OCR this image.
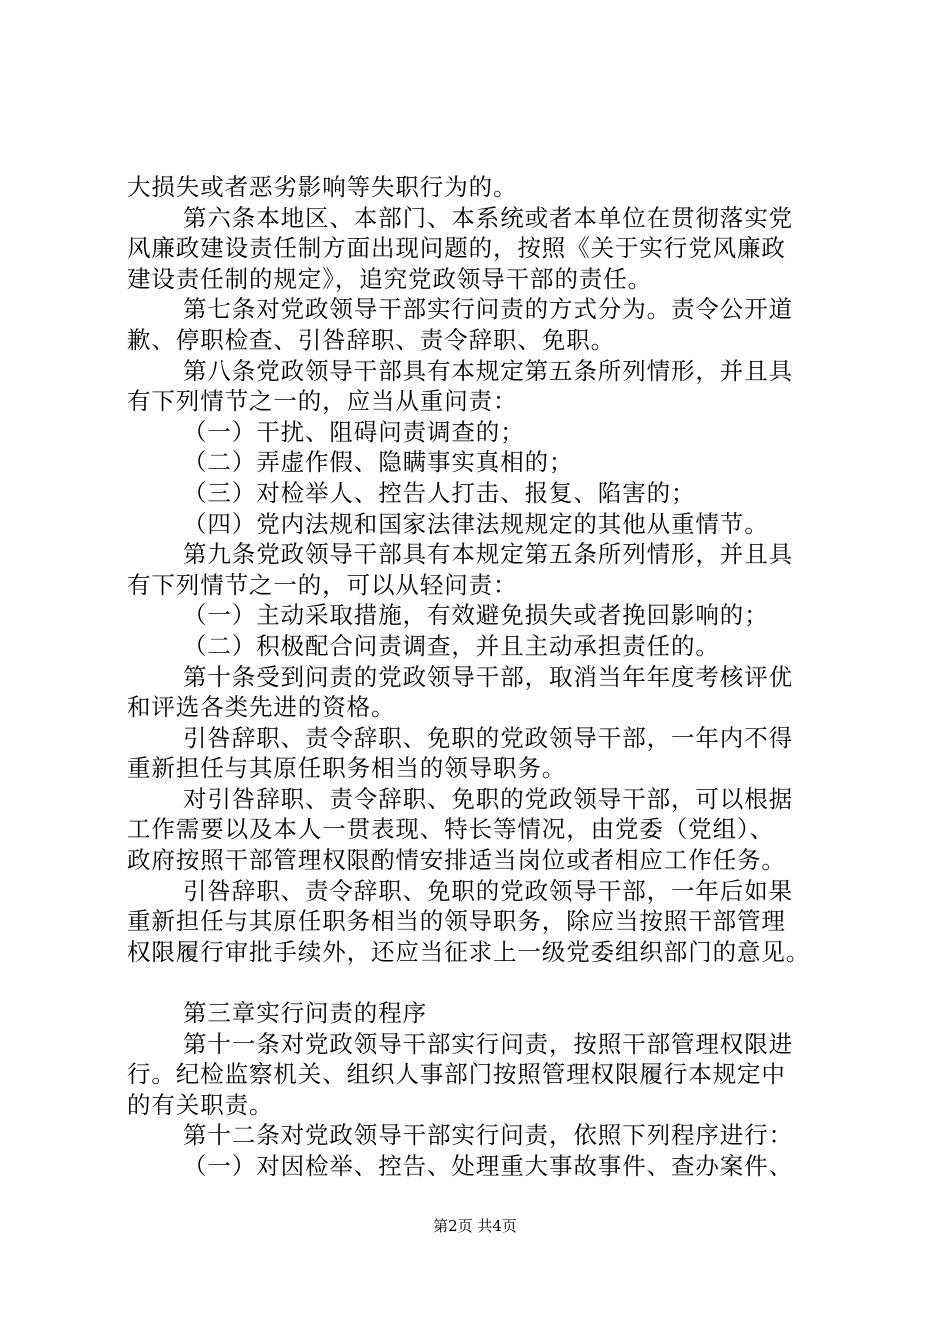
大损失或者恶劣影响等失职行为的。
第六条本地区、本部门、本系统或者本单位在贯彻落实党
风廉政建设责任制方面出现问题的，按照《关于实行党风廉政
建设责任制的规定》，追究党政领导干部的责任。
第七条对党政领导干部实行问责的方式分为。责令公开道
歉、停职检查、引咎辞职、责令辞职、免职。
第八条党政领导干部具有本规定第五条所列情形，并且具
有下列情节之一的，应当从重问责：
（一）干扰、阻碍问责调查的；
（二）弄虚作假、隐瞒事实真相的；
（三）对检举人、控告人打击、报复、陷害的；
（四）党内法规和国家法律法规规定的其他从重情节。
第九条党政领导干部具有本规定第五条所列情形，并且具
有下列情节之一的，可以从轻问责：
（一）主动采取措施，有效避免损失或者挽回影响的；
（二）积极配合问责调查，并且主动承担责任的。
第十条受到问责的党政领导干部，取消当年年度考核评优
和评选各类先进的资格。
引咎辞职、责令辞职、免职的党政领导干部，一年内不得
重新担任与其原任职务相当的领导职务。
对引咎辞职、责令辞职、免职的党政领导干部，可以根据
工作需要以及本人一贯表现、特长等情况，由党委（党组）、
政府按照干部管理权限酌情安排适当岗位或者相应工作任务。
引咎辞职、责令辞职、免职的党政领导干部，一年后如果
重新担任与其原任职务相当的领导职务，除应当按照干部管理
权限履行审批手续外，还应当征求上一级党委组织部门的意见。
第三章实行问责的程序
第十一条对党政领导干部实行问责，按照干部管理权限进
行。纪检监察机关、组织人事部门按照管理权限履行本规定中
的有关职责。
第十二条对党政领导干部实行问责，依照下列程序进行：
（一）对因检举、控告、处理重大事故事件、查办案件、
第2页 共4页
